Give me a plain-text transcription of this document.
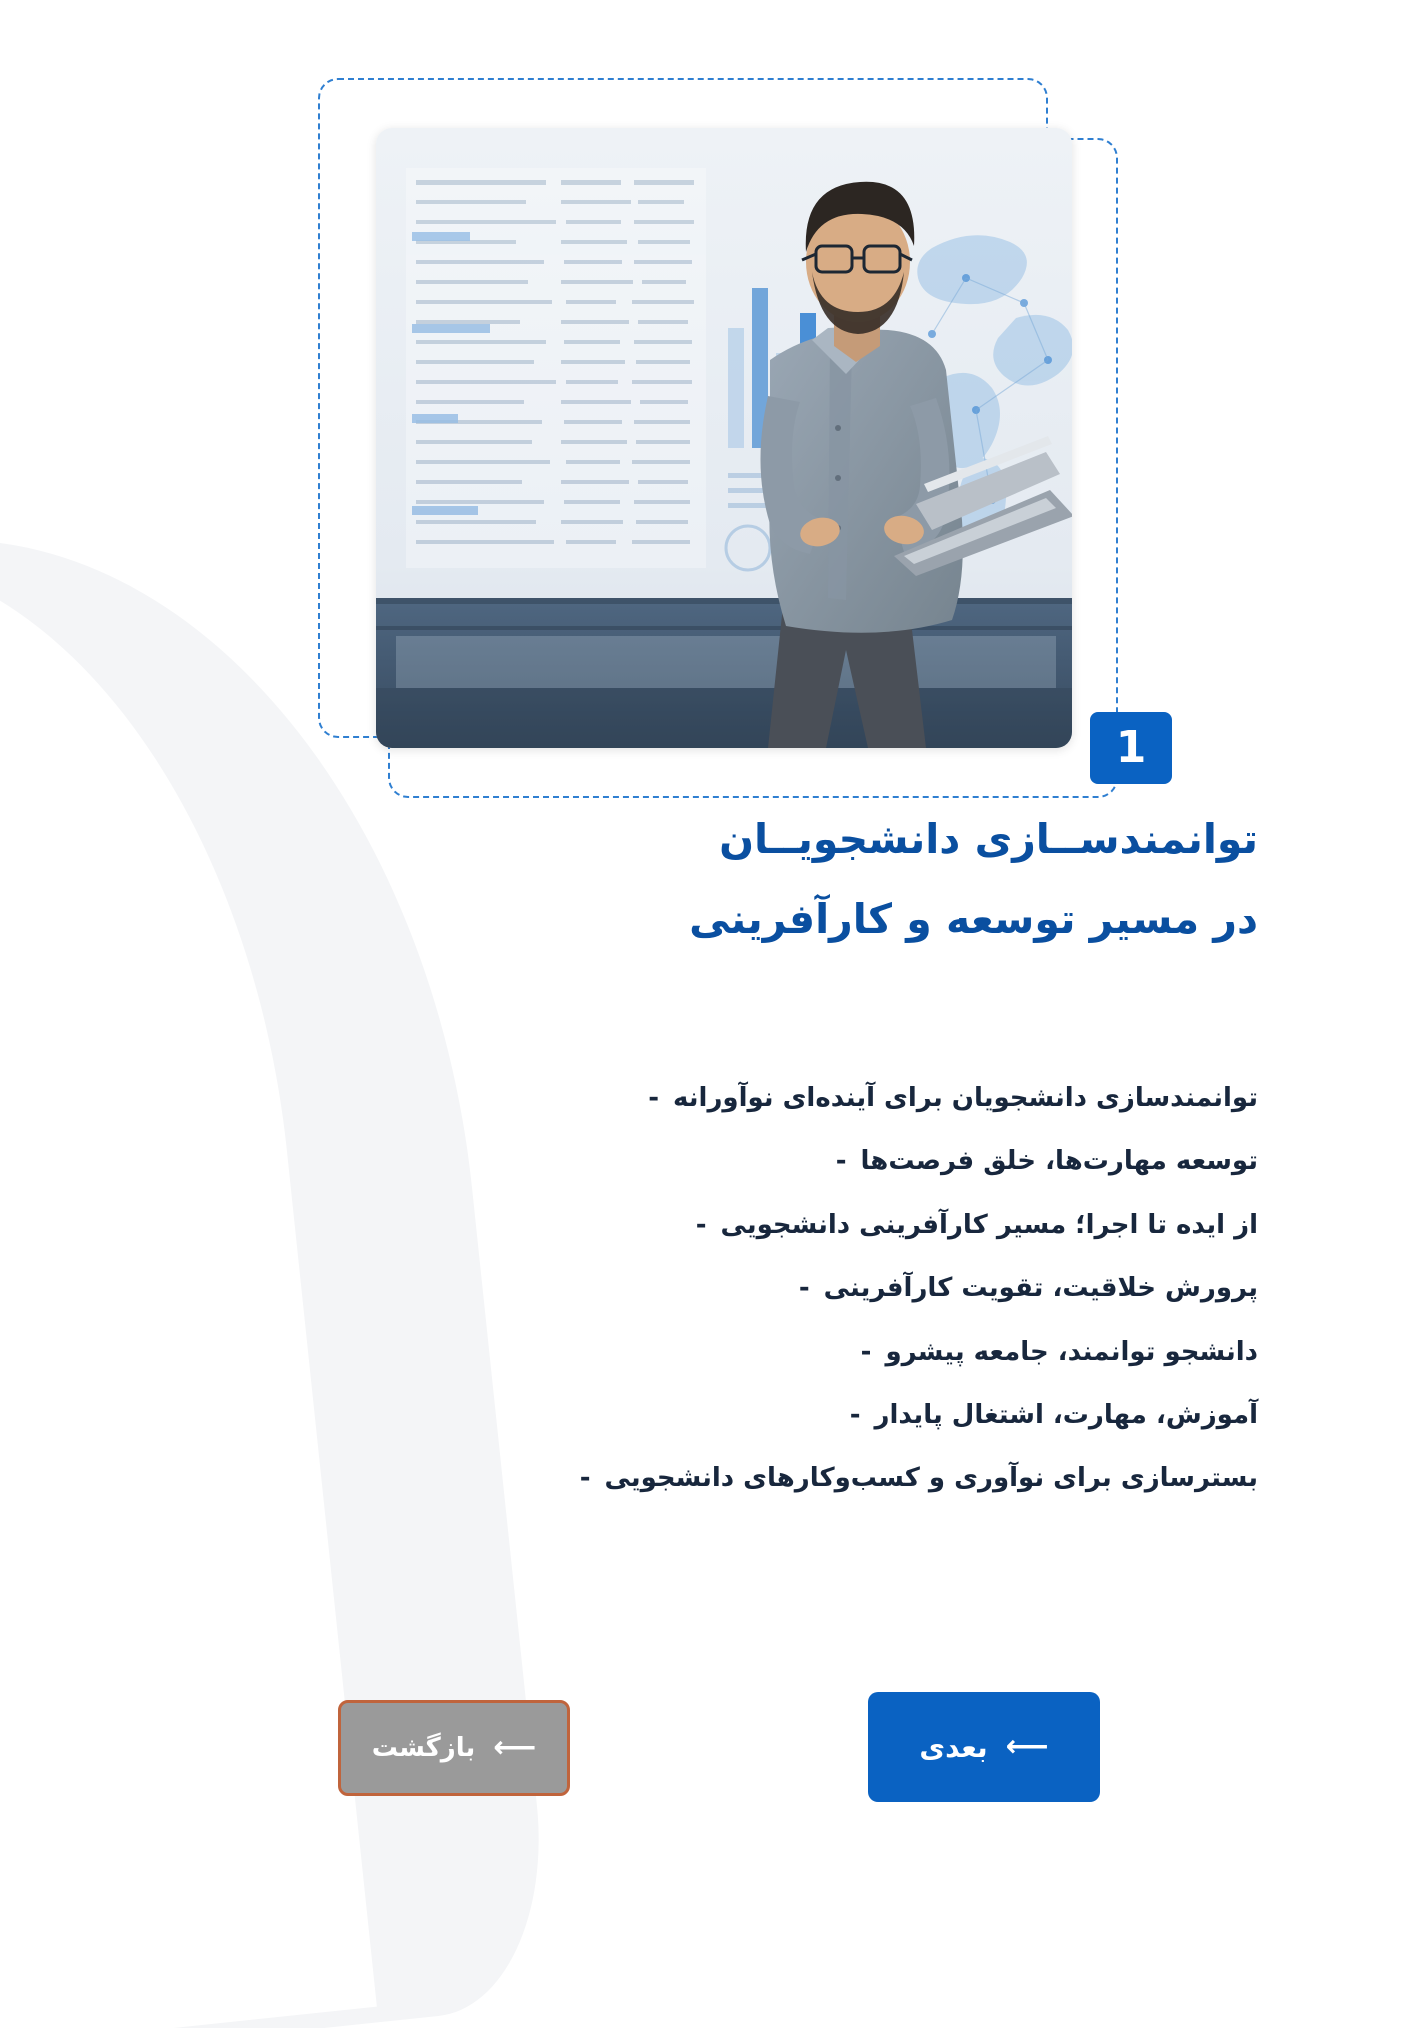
1
توانمندســازی دانشجویــان
در مسیر توسعه و کارآفرینی
توانمندسازی دانشجویان برای آینده‌ای نوآورانه
-
توسعه مهارت‌ها، خلق فرصت‌ها
-
از ایده تا اجرا؛ مسیر کارآفرینی دانشجویی
-
پرورش خلاقیت، تقویت کارآفرینی
-
دانشجو توانمند، جامعه پیشرو
-
آموزش، مهارت، اشتغال پایدار
-
بسترسازی برای نوآوری و کسب‌وکارهای دانشجویی
-
⟵
بعدی
⟵
بازگشت
